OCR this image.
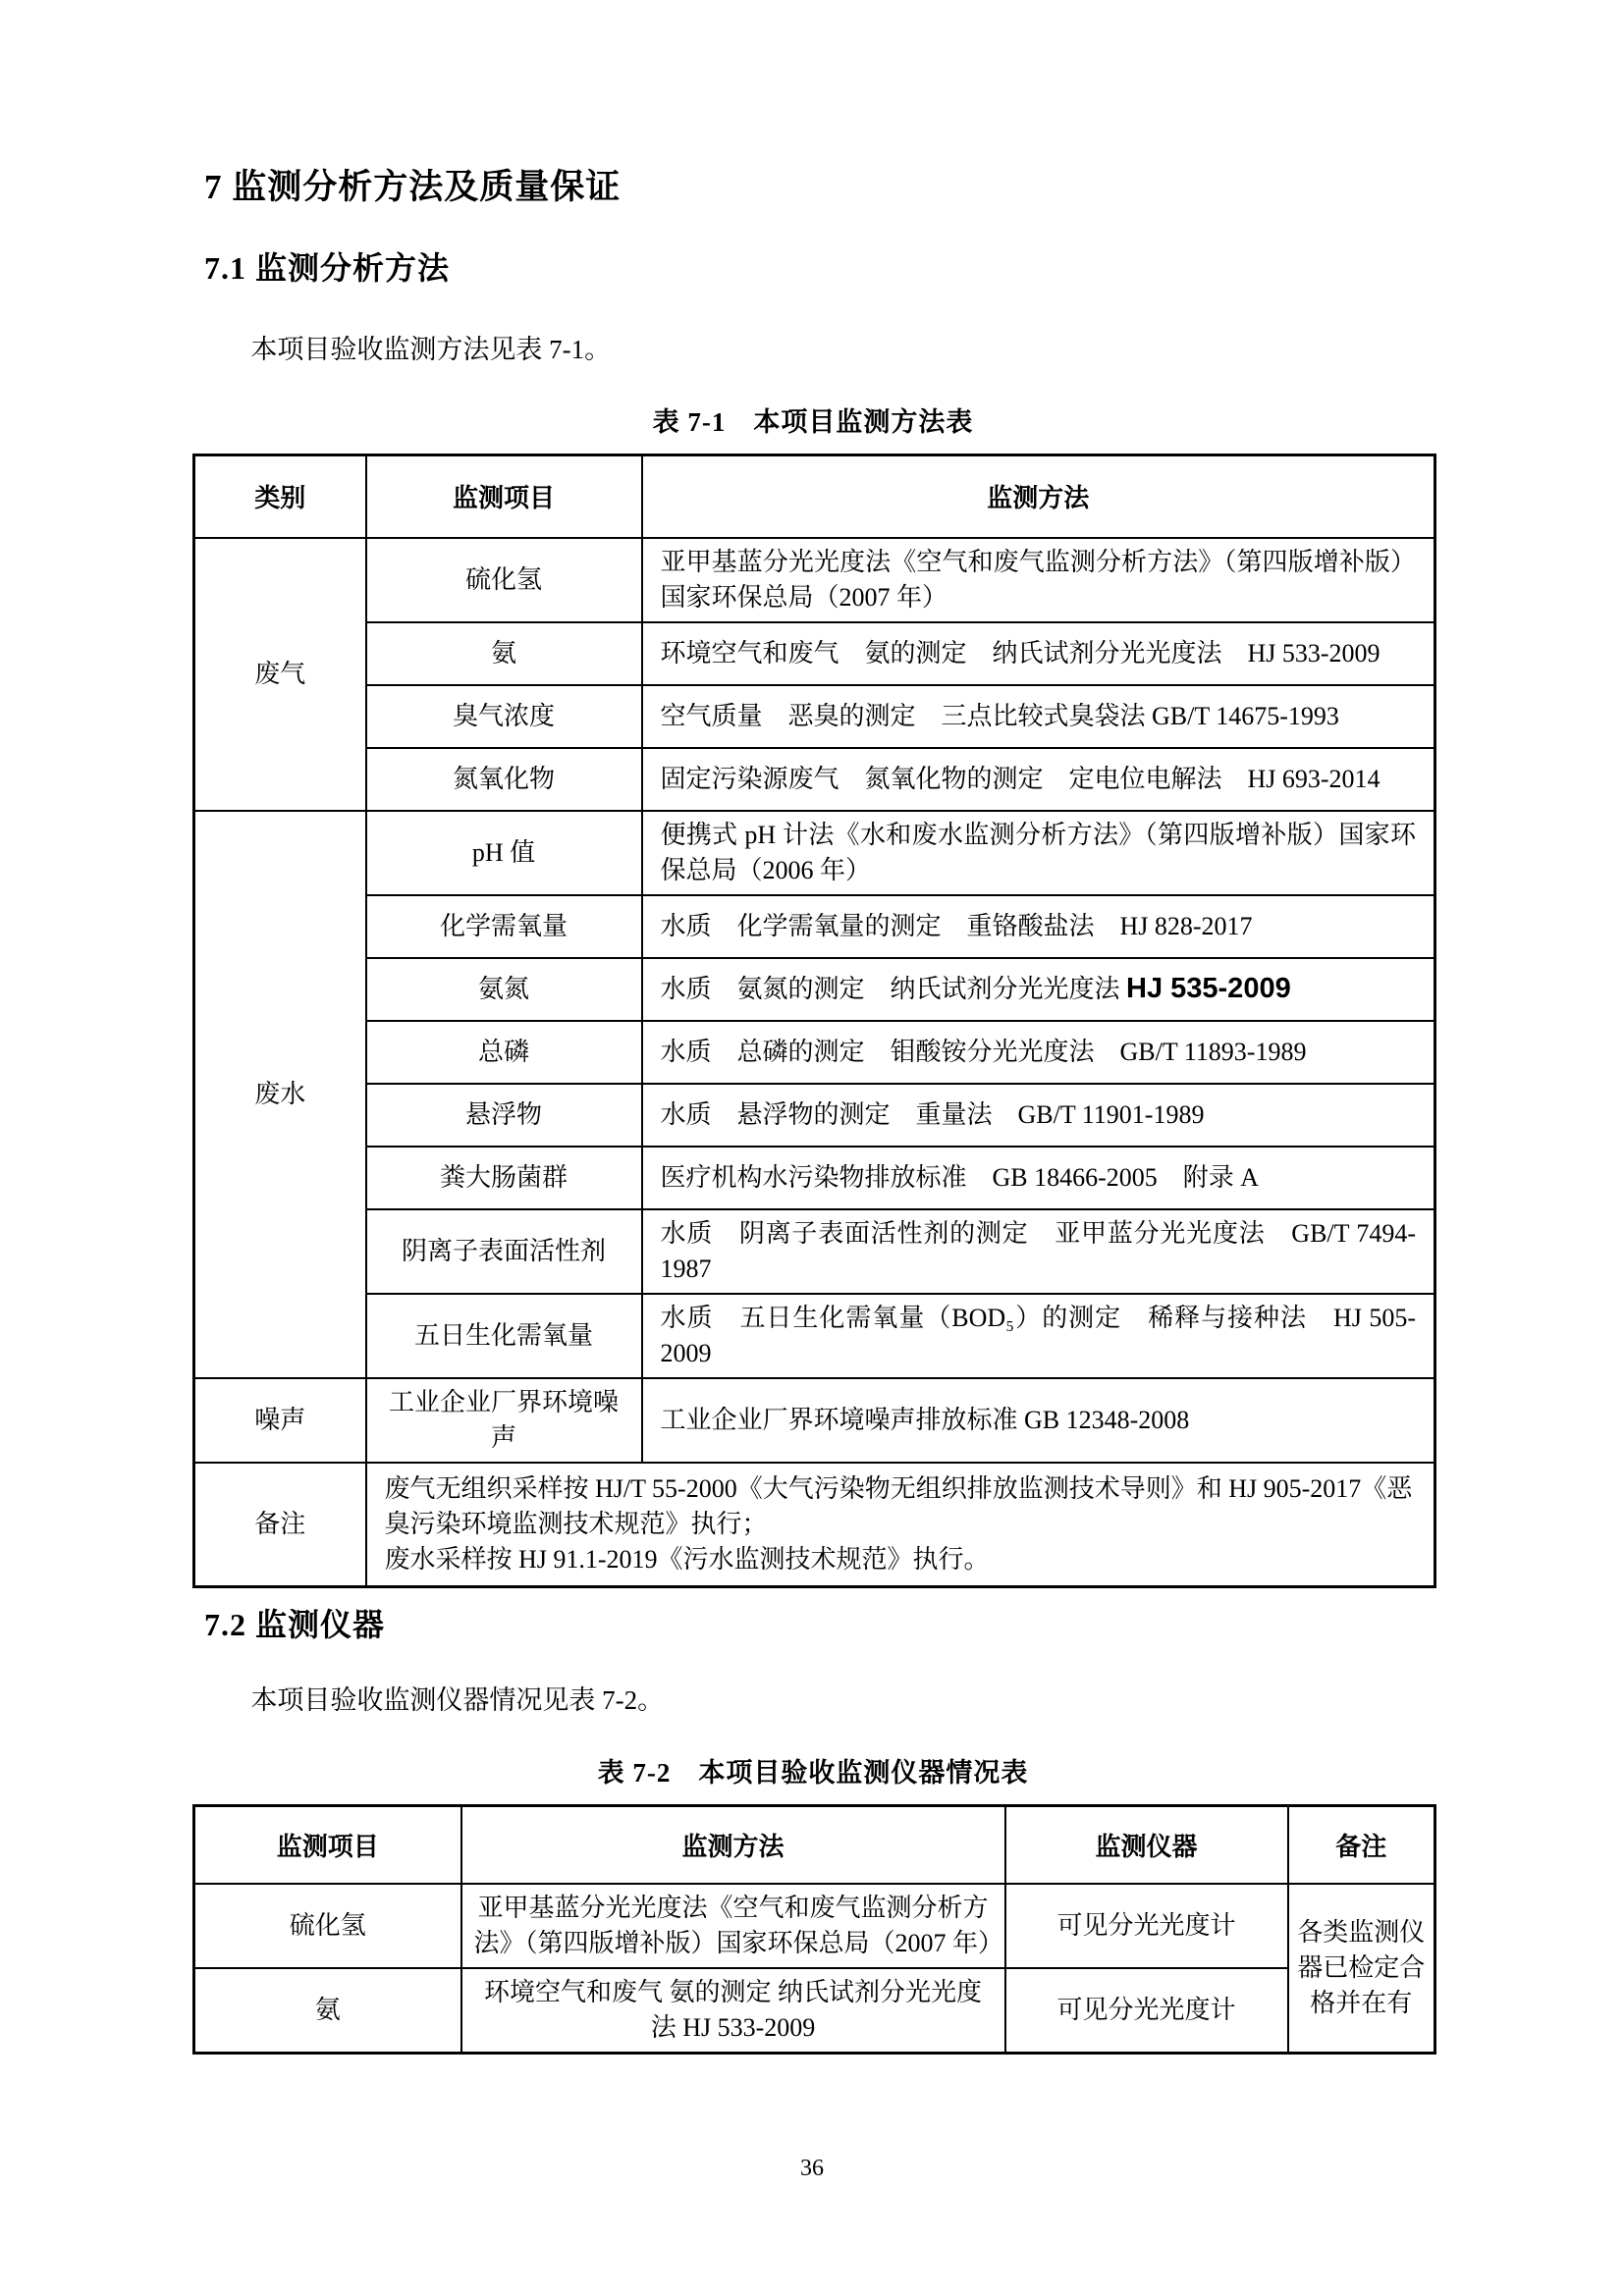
7 监测分析方法及质量保证
7.1 监测分析方法

本项目验收监测方法见表 7-1。

表 7-1　本项目监测方法表
类别	监测项目	监测方法
废气	硫化氢	亚甲基蓝分光光度法《空气和废气监测分析方法》（第四版增补版）国家环保总局（2007 年）
	氨	环境空气和废气　氨的测定　纳氏试剂分光光度法　HJ 533-2009
	臭气浓度	空气质量　恶臭的测定　三点比较式臭袋法 GB/T 14675-1993
	氮氧化物	固定污染源废气　氮氧化物的测定　定电位电解法　HJ 693-2014
废水	pH 值	便携式 pH 计法《水和废水监测分析方法》（第四版增补版）国家环保总局（2006 年）
	化学需氧量	水质　化学需氧量的测定　重铬酸盐法　HJ 828-2017
	氨氮	水质　氨氮的测定　纳氏试剂分光光度法 HJ 535-2009
	总磷	水质　总磷的测定　钼酸铵分光光度法　GB/T 11893-1989
	悬浮物	水质　悬浮物的测定　重量法　GB/T 11901-1989
	粪大肠菌群	医疗机构水污染物排放标准　GB 18466-2005　附录 A
	阴离子表面活性剂	水质　阴离子表面活性剂的测定　亚甲蓝分光光度法　GB/T 7494-1987
	五日生化需氧量	水质　五日生化需氧量（BOD₅）的测定　稀释与接种法　HJ 505-2009
噪声	工业企业厂界环境噪声	工业企业厂界环境噪声排放标准 GB 12348-2008
备注	废气无组织采样按 HJ/T 55-2000《大气污染物无组织排放监测技术导则》和 HJ 905-2017《恶臭污染环境监测技术规范》执行；
废水采样按 HJ 91.1-2019《污水监测技术规范》执行。	
7.2 监测仪器

本项目验收监测仪器情况见表 7-2。

表 7-2　本项目验收监测仪器情况表
监测项目	监测方法	监测仪器	备注
硫化氢	亚甲基蓝分光光度法《空气和废气监测分析方法》（第四版增补版）国家环保总局（2007 年）	可见分光光度计	各类监测仪器已检定合格并在有
氨	环境空气和废气 氨的测定 纳氏试剂分光光度法 HJ 533-2009	可见分光光度计	
36
